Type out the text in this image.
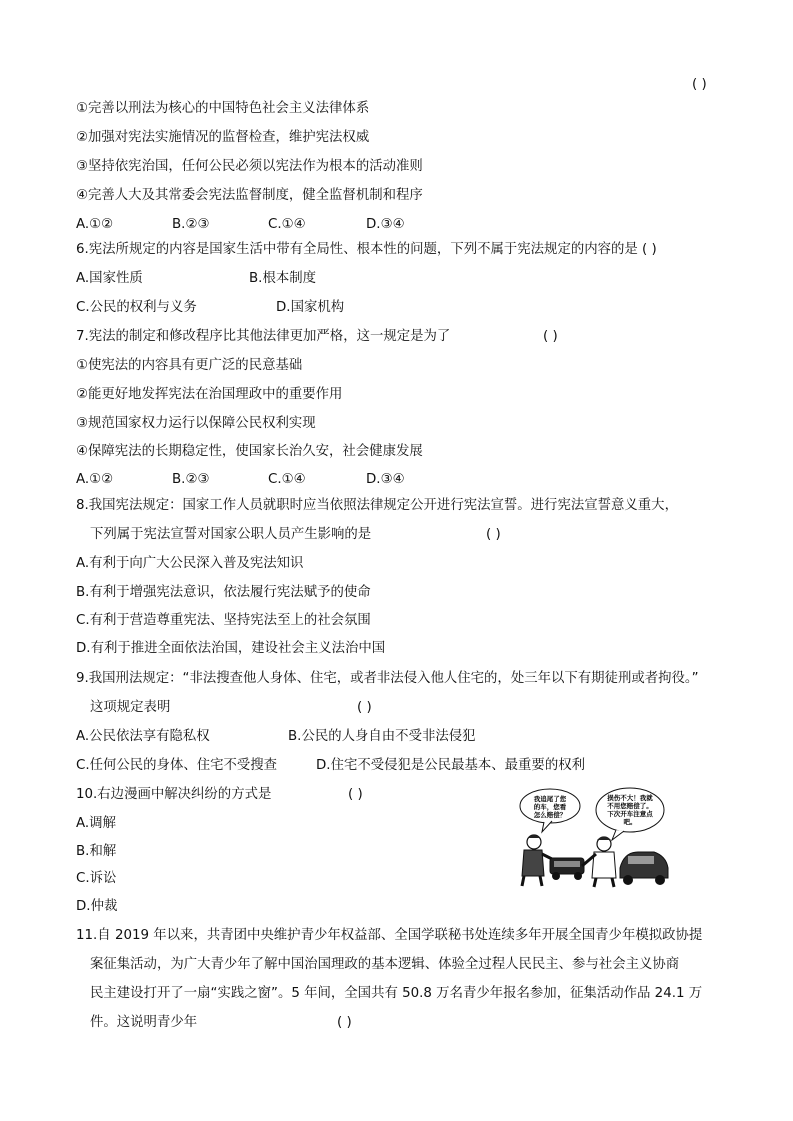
( )
①完善以刑法为核心的中国特色社会主义法律体系
②加强对宪法实施情况的监督检查，维护宪法权威
③坚持依宪治国，任何公民必须以宪法作为根本的活动准则
④完善人大及其常委会宪法监督制度，健全监督机制和程序
A.①②	B.②③	C.①④	D.③④
6.宪法所规定的内容是国家生活中带有全局性、根本性的问题，下列不属于宪法规定的内容的是 ( )
A.国家性质	B.根本制度
C.公民的权利与义务	D.国家机构
7.宪法的制定和修改程序比其他法律更加严格，这一规定是为了	( )
①使宪法的内容具有更广泛的民意基础
②能更好地发挥宪法在治国理政中的重要作用
③规范国家权力运行以保障公民权利实现
④保障宪法的长期稳定性，使国家长治久安，社会健康发展
A.①②	B.②③	C.①④	D.③④
8.我国宪法规定：国家工作人员就职时应当依照法律规定公开进行宪法宣誓。进行宪法宣誓意义重大，
下列属于宪法宣誓对国家公职人员产生影响的是	( )
A.有利于向广大公民深入普及宪法知识
B.有利于增强宪法意识，依法履行宪法赋予的使命
C.有利于营造尊重宪法、坚持宪法至上的社会氛围
D.有利于推进全面依法治国，建设社会主义法治中国
9.我国刑法规定：“非法搜查他人身体、住宅，或者非法侵入他人住宅的，处三年以下有期徒刑或者拘役。”
这项规定表明	( )
A.公民依法享有隐私权	B.公民的人身自由不受非法侵犯
C.任何公民的身体、住宅不受搜查	D.住宅不受侵犯是公民最基本、最重要的权利
10.右边漫画中解决纠纷的方式是	( )
A.调解
B.和解
C.诉讼
D.仲裁
我追尾了您
的车，您看
怎么赔偿？
损伤不大！我就
不用您赔偿了。
下次开车注意点
吧。
11.自 2019 年以来，共青团中央维护青少年权益部、全国学联秘书处连续多年开展全国青少年模拟政协提
案征集活动，为广大青少年了解中国治国理政的基本逻辑、体验全过程人民民主、参与社会主义协商
民主建设打开了一扇“实践之窗”。5 年间，全国共有 50.8 万名青少年报名参加，征集活动作品 24.1 万
件。这说明青少年	( )
